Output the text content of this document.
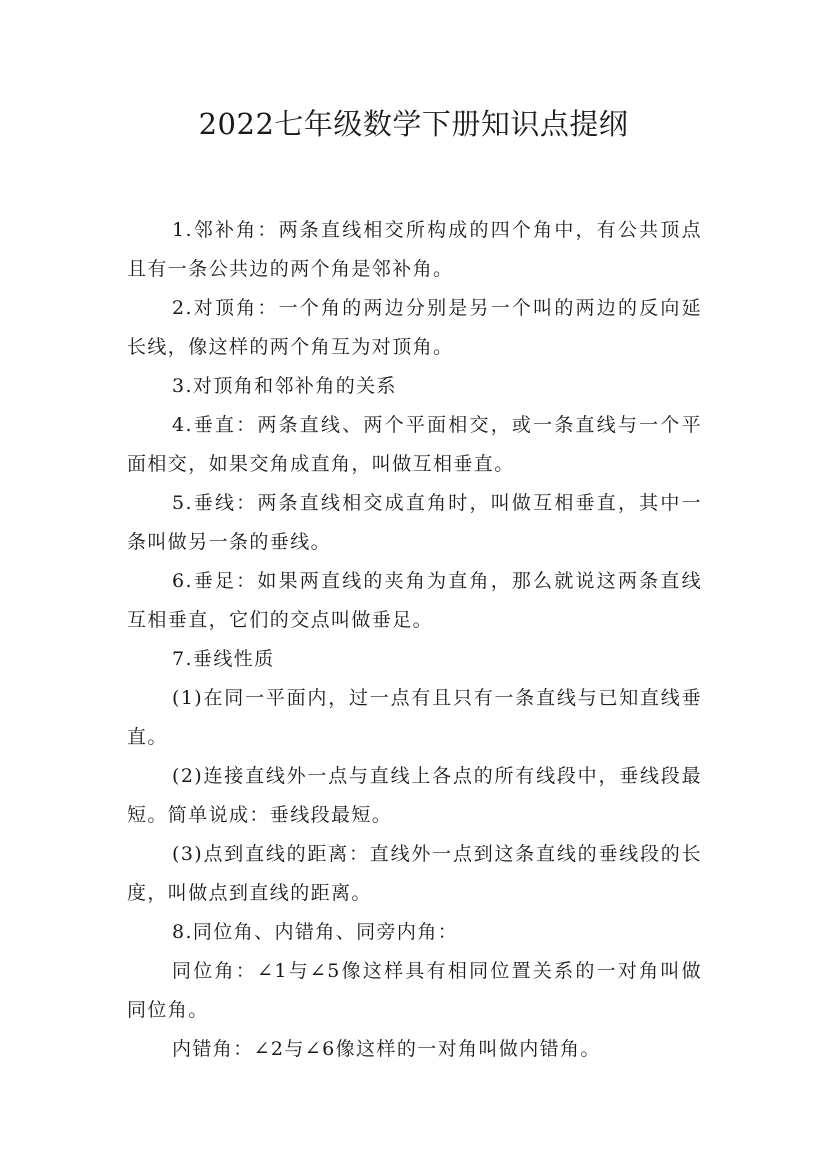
2022七年级数学下册知识点提纲

1.邻补角：两条直线相交所构成的四个角中，有公共顶点且有一条公共边的两个角是邻补角。

2.对顶角：一个角的两边分别是另一个叫的两边的反向延长线，像这样的两个角互为对顶角。

3.对顶角和邻补角的关系

4.垂直：两条直线、两个平面相交，或一条直线与一个平面相交，如果交角成直角，叫做互相垂直。

5.垂线：两条直线相交成直角时，叫做互相垂直，其中一条叫做另一条的垂线。

6.垂足：如果两直线的夹角为直角，那么就说这两条直线互相垂直，它们的交点叫做垂足。

7.垂线性质

(1)在同一平面内，过一点有且只有一条直线与已知直线垂直。

(2)连接直线外一点与直线上各点的所有线段中，垂线段最短。简单说成：垂线段最短。

(3)点到直线的距离：直线外一点到这条直线的垂线段的长度，叫做点到直线的距离。

8.同位角、内错角、同旁内角：

同位角：∠1与∠5像这样具有相同位置关系的一对角叫做同位角。

内错角：∠2与∠6像这样的一对角叫做内错角。
